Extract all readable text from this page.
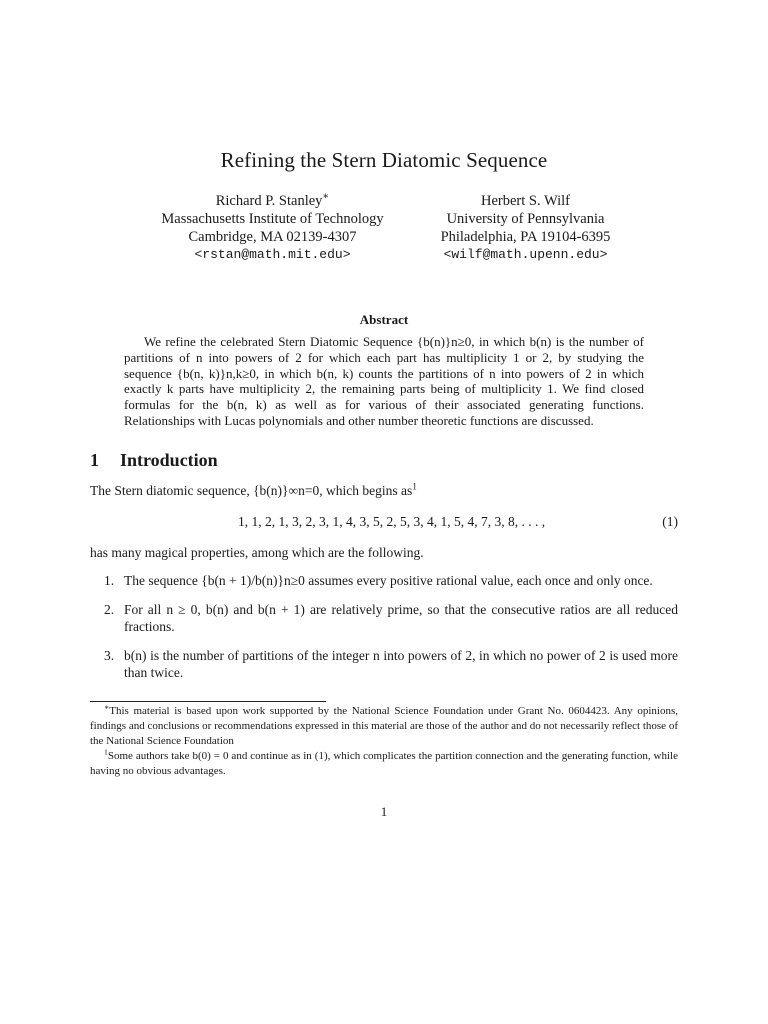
Refining the Stern Diatomic Sequence
Richard P. Stanley∗
Massachusetts Institute of Technology
Cambridge, MA 02139-4307
<rstan@math.mit.edu>
Herbert S. Wilf
University of Pennsylvania
Philadelphia, PA 19104-6395
<wilf@math.upenn.edu>
Abstract

We refine the celebrated Stern Diatomic Sequence {b(n)}n≥0, in which b(n) is the number of partitions of n into powers of 2 for which each part has multiplicity 1 or 2, by studying the sequence {b(n, k)}n,k≥0, in which b(n, k) counts the partitions of n into powers of 2 in which exactly k parts have multiplicity 2, the remaining parts being of multiplicity 1. We find closed formulas for the b(n, k) as well as for various of their associated generating functions. Relationships with Lucas polynomials and other number theoretic functions are discussed.

1 Introduction
The Stern diatomic sequence, {b(n)}∞n=0, which begins $as^1$
1, 1, 2, 1, 3, 2, 3, 1, 4, 3, 5, 2, 5, 3, 4, 1, 5, 4, 7, 3, 8, . . . ,	(1)
has many magical properties, among which are the following.
1. The sequence {b(n + 1)/b(n)}n≥0 assumes every positive rational value, each once and only once.
2. For all n ≥ 0, b(n) and b(n + 1) are relatively prime, so that the consecutive ratios are all reduced fractions.
3. b(n) is the number of partitions of the integer n into powers of 2, in which no power of 2 is used more than twice.

∗This material is based upon work supported by the National Science Foundation under Grant No. 0604423. Any opinions, findings and conclusions or recommendations expressed in this material are those of the author and do not necessarily reflect those of the National Science Foundation

$^1$Some authors take b(0) = 0 and continue as in (1), which complicates the partition connection and the generating function, while having no obvious advantages.

1
